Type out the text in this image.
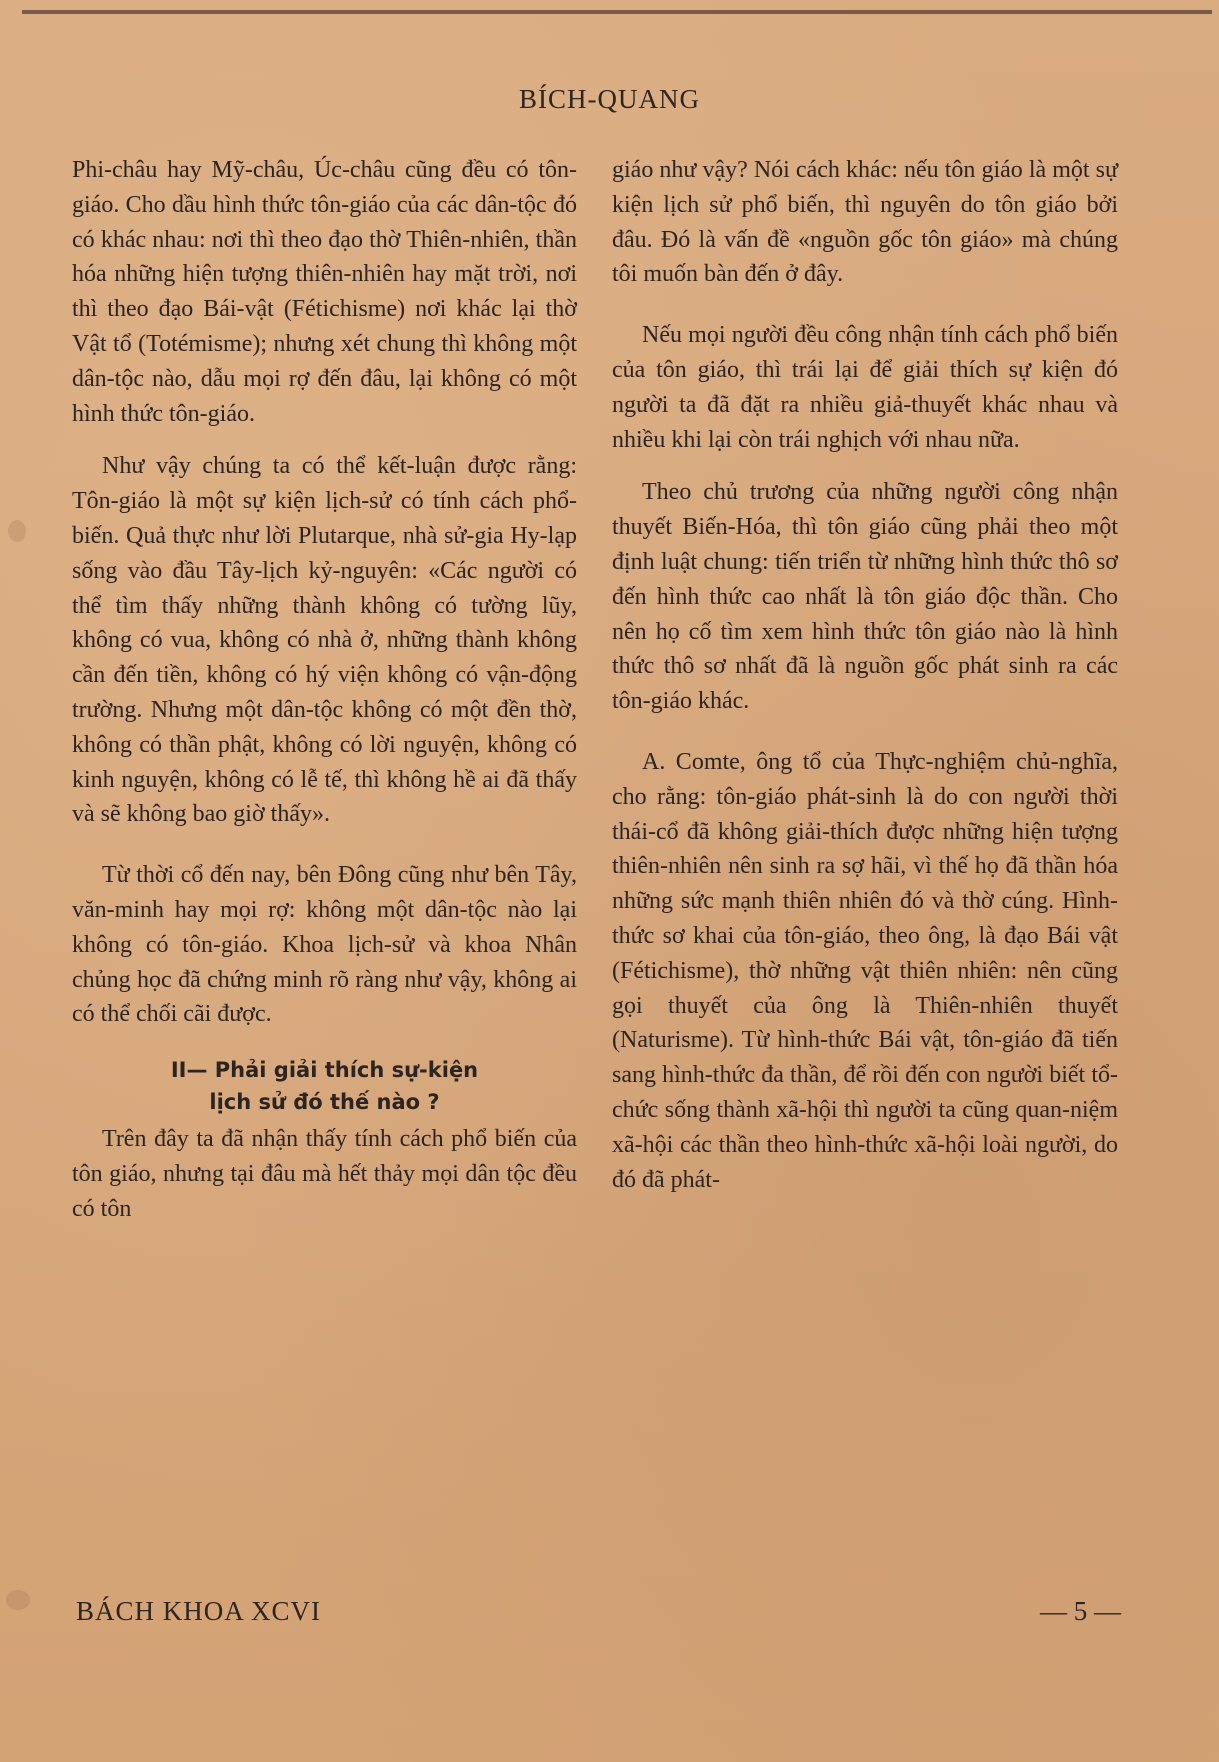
BÍCH-QUANG

Phi-châu hay Mỹ-châu, Úc-châu cũng đều có tôn-giáo. Cho dầu hình thức tôn-giáo của các dân-tộc đó có khác nhau: nơi thì theo đạo thờ Thiên-nhiên, thần hóa những hiện tượng thiên-nhiên hay mặt trời, nơi thì theo đạo Bái-vật (Fétichisme) nơi khác lại thờ Vật tổ (Totémisme); nhưng xét chung thì không một dân-tộc nào, dẫu mọi rợ đến đâu, lại không có một hình thức tôn-giáo.

Như vậy chúng ta có thể kết-luận được rằng: Tôn-giáo là một sự kiện lịch-sử có tính cách phổ-biến. Quả thực như lời Plutarque, nhà sử-gia Hy-lạp sống vào đầu Tây-lịch kỷ-nguyên: «Các người có thể tìm thấy những thành không có tường lũy, không có vua, không có nhà ở, những thành không cần đến tiền, không có hý viện không có vận-động trường. Nhưng một dân-tộc không có một đền thờ, không có thần phật, không có lời nguyện, không có kinh nguyện, không có lễ tế, thì không hề ai đã thấy và sẽ không bao giờ thấy».

Từ thời cổ đến nay, bên Đông cũng như bên Tây, văn-minh hay mọi rợ: không một dân-tộc nào lại không có tôn-giáo. Khoa lịch-sử và khoa Nhân chủng học đã chứng minh rõ ràng như vậy, không ai có thể chối cãi được.

II— Phải giải thích sự-kiện
lịch sử đó thế nào ?

Trên đây ta đã nhận thấy tính cách phổ biến của tôn giáo, nhưng tại đâu mà hết thảy mọi dân tộc đều có tôn

giáo như vậy? Nói cách khác: nếu tôn giáo là một sự kiện lịch sử phổ biến, thì nguyên do tôn giáo bởi đâu. Đó là vấn đề «nguồn gốc tôn giáo» mà chúng tôi muốn bàn đến ở đây.

Nếu mọi người đều công nhận tính cách phổ biến của tôn giáo, thì trái lại để giải thích sự kiện đó người ta đã đặt ra nhiều giả-thuyết khác nhau và nhiều khi lại còn trái nghịch với nhau nữa.

Theo chủ trương của những người công nhận thuyết Biến-Hóa, thì tôn giáo cũng phải theo một định luật chung: tiến triển từ những hình thức thô sơ đến hình thức cao nhất là tôn giáo độc thần. Cho nên họ cố tìm xem hình thức tôn giáo nào là hình thức thô sơ nhất đã là nguồn gốc phát sinh ra các tôn-giáo khác.

A. Comte, ông tổ của Thực-nghiệm chủ-nghĩa, cho rằng: tôn-giáo phát-sinh là do con người thời thái-cổ đã không giải-thích được những hiện tượng thiên-nhiên nên sinh ra sợ hãi, vì thế họ đã thần hóa những sức mạnh thiên nhiên đó và thờ cúng. Hình-thức sơ khai của tôn-giáo, theo ông, là đạo Bái vật (Fétichisme), thờ những vật thiên nhiên: nên cũng gọi thuyết của ông là Thiên-nhiên thuyết (Naturisme). Từ hình-thức Bái vật, tôn-giáo đã tiến sang hình-thức đa thần, để rồi đến con người biết tổ-chức sống thành xã-hội thì người ta cũng quan-niệm xã-hội các thần theo hình-thức xã-hội loài người, do đó đã phát-

BÁCH KHOA XCVI	— 5 —
